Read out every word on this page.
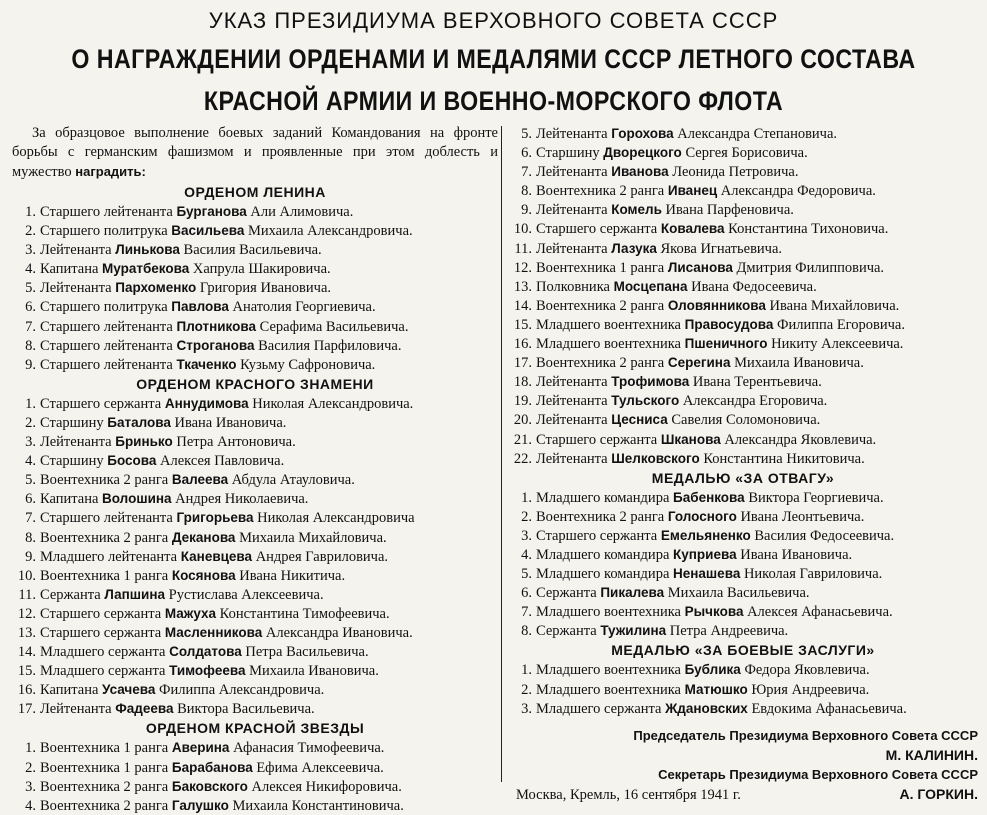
УКАЗ ПРЕЗИДИУМА ВЕРХОВНОГО СОВЕТА СССР
О НАГРАЖДЕНИИ ОРДЕНАМИ И МЕДАЛЯМИ СССР ЛЕТНОГО СОСТАВА
КРАСНОЙ АРМИИ И ВОЕННО-МОРСКОГО ФЛОТА

За образцовое выполнение боевых заданий Командования на фронте борьбы с германским фашизмом и проявленные при этом доблесть и мужество наградить:

ОРДЕНОМ ЛЕНИНА
1. Старшего лейтенанта Бурганова Али Алимовича.
2. Старшего политрука Васильева Михаила Александровича.
3. Лейтенанта Линькова Василия Васильевича.
4. Капитана Муратбекова Хапрула Шакировича.
5. Лейтенанта Пархоменко Григория Ивановича.
6. Старшего политрука Павлова Анатолия Георгиевича.
7. Старшего лейтенанта Плотникова Серафима Васильевича.
8. Старшего лейтенанта Строганова Василия Парфиловича.
9. Старшего лейтенанта Ткаченко Кузьму Сафроновича.
ОРДЕНОМ КРАСНОГО ЗНАМЕНИ
1. Старшего сержанта Аннудимова Николая Александровича.
2. Старшину Баталова Ивана Ивановича.
3. Лейтенанта Бринько Петра Антоновича.
4. Старшину Босова Алексея Павловича.
5. Воентехника 2 ранга Валеева Абдула Атауловича.
6. Капитана Волошина Андрея Николаевича.
7. Старшего лейтенанта Григорьева Николая Александровича
8. Воентехника 2 ранга Деканова Михаила Михайловича.
9. Младшего лейтенанта Каневцева Андрея Гавриловича.
10. Воентехника 1 ранга Косянова Ивана Никитича.
11. Сержанта Лапшина Рустислава Алексеевича.
12. Старшего сержанта Мажуха Константина Тимофеевича.
13. Старшего сержанта Масленникова Александра Ивановича.
14. Младшего сержанта Солдатова Петра Васильевича.
15. Младшего сержанта Тимофеева Михаила Ивановича.
16. Капитана Усачева Филиппа Александровича.
17. Лейтенанта Фадеева Виктора Васильевича.
ОРДЕНОМ КРАСНОЙ ЗВЕЗДЫ
1. Воентехника 1 ранга Аверина Афанасия Тимофеевича.
2. Воентехника 1 ранга Барабанова Ефима Алексеевича.
3. Воентехника 2 ранга Баковского Алексея Никифоровича.
4. Воентехника 2 ранга Галушко Михаила Константиновича.
5. Лейтенанта Горохова Александра Степановича.
6. Старшину Дворецкого Сергея Борисовича.
7. Лейтенанта Иванова Леонида Петровича.
8. Воентехника 2 ранга Иванец Александра Федоровича.
9. Лейтенанта Комель Ивана Парфеновича.
10. Старшего сержанта Ковалева Константина Тихоновича.
11. Лейтенанта Лазука Якова Игнатьевича.
12. Воентехника 1 ранга Лисанова Дмитрия Филипповича.
13. Полковника Мосцепана Ивана Федосеевича.
14. Воентехника 2 ранга Оловянникова Ивана Михайловича.
15. Младшего воентехника Правосудова Филиппа Егоровича.
16. Младшего воентехника Пшеничного Никиту Алексеевича.
17. Воентехника 2 ранга Серегина Михаила Ивановича.
18. Лейтенанта Трофимова Ивана Терентьевича.
19. Лейтенанта Тульского Александра Егоровича.
20. Лейтенанта Цесниса Савелия Соломоновича.
21. Старшего сержанта Шканова Александра Яковлевича.
22. Лейтенанта Шелковского Константина Никитовича.
МЕДАЛЬЮ «ЗА ОТВАГУ»
1. Младшего командира Бабенкова Виктора Георгиевича.
2. Воентехника 2 ранга Голосного Ивана Леонтьевича.
3. Старшего сержанта Емельяненко Василия Федосеевича.
4. Младшего командира Куприева Ивана Ивановича.
5. Младшего командира Ненашева Николая Гавриловича.
6. Сержанта Пикалева Михаила Васильевича.
7. Младшего воентехника Рычкова Алексея Афанасьевича.
8. Сержанта Тужилина Петра Андреевича.
МЕДАЛЬЮ «ЗА БОЕВЫЕ ЗАСЛУГИ»
1. Младшего воентехника Бублика Федора Яковлевича.
2. Младшего воентехника Матюшко Юрия Андреевича.
3. Младшего сержанта Ждановских Евдокима Афанасьевича.
Председатель Президиума Верховного Совета СССР
М. КАЛИНИН.
Секретарь Президиума Верховного Совета СССР
Москва, Кремль, 16 сентября 1941 г.	А. ГОРКИН.
